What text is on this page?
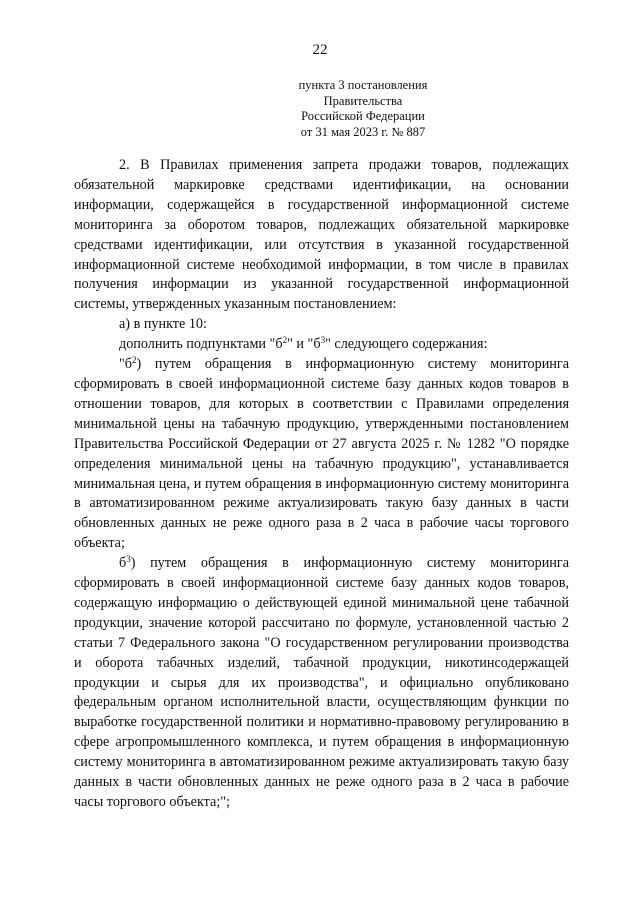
22
пункта 3 постановления
Правительства
Российской Федерации
от 31 мая 2023 г. № 887

2. В Правилах применения запрета продажи товаров, подлежащих обязательной маркировке средствами идентификации, на основании информации, содержащейся в государственной информационной системе мониторинга за оборотом товаров, подлежащих обязательной маркировке средствами идентификации, или отсутствия в указанной государственной информационной системе необходимой информации, в том числе в правилах получения информации из указанной государственной информационной системы, утвержденных указанным постановлением:

а) в пункте 10:

дополнить подпунктами "$б^2$" и "$б^3$" следующего содержания:

"$б^2$) путем обращения в информационную систему мониторинга сформировать в своей информационной системе базу данных кодов товаров в отношении товаров, для которых в соответствии с Правилами определения минимальной цены на табачную продукцию, утвержденными постановлением Правительства Российской Федерации от 27 августа 2025 г. № 1282 "О порядке определения минимальной цены на табачную продукцию", устанавливается минимальная цена, и путем обращения в информационную систему мониторинга в автоматизированном режиме актуализировать такую базу данных в части обновленных данных не реже одного раза в 2 часа в рабочие часы торгового объекта;

$б^3$) путем обращения в информационную систему мониторинга сформировать в своей информационной системе базу данных кодов товаров, содержащую информацию о действующей единой минимальной цене табачной продукции, значение которой рассчитано по формуле, установленной частью 2 статьи 7 Федерального закона "О государственном регулировании производства и оборота табачных изделий, табачной продукции, никотинсодержащей продукции и сырья для их производства", и официально опубликовано федеральным органом исполнительной власти, осуществляющим функции по выработке государственной политики и нормативно-правовому регулированию в сфере агропромышленного комплекса, и путем обращения в информационную систему мониторинга в автоматизированном режиме актуализировать такую базу данных в части обновленных данных не реже одного раза в 2 часа в рабочие часы торгового объекта;";
